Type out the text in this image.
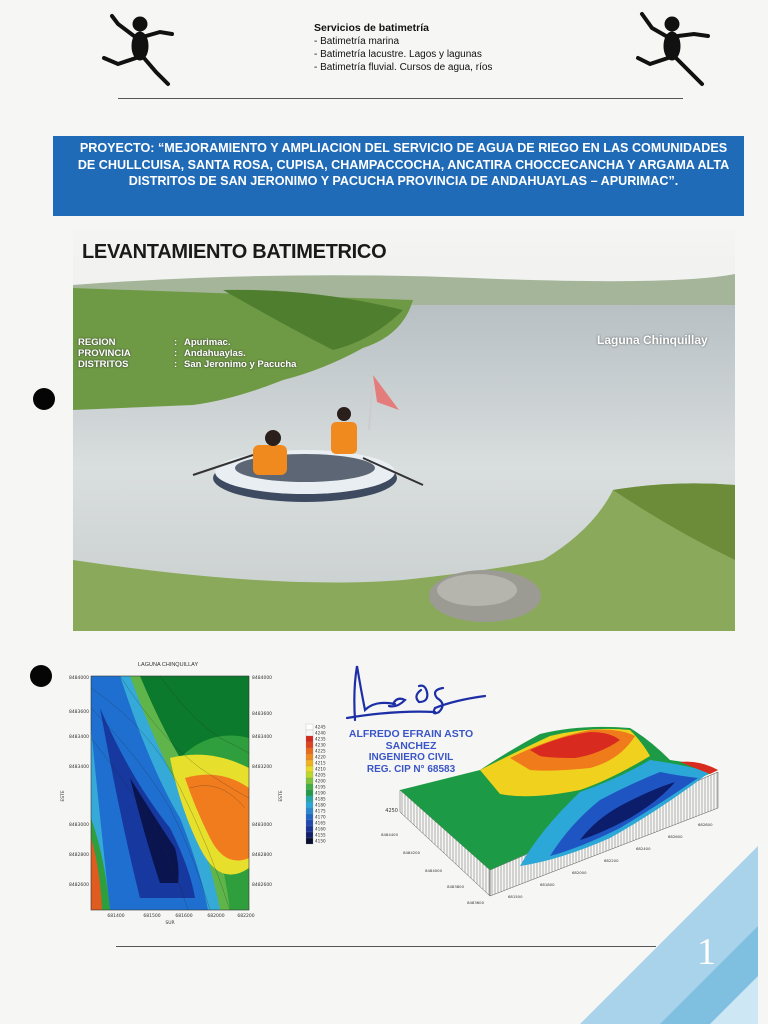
Servicios de batimetría
- Batimetría marina
- Batimetría lacustre. Lagos y lagunas
- Batimetría fluvial. Cursos de agua, ríos
PROYECTO: “MEJORAMIENTO Y AMPLIACION DEL SERVICIO DE AGUA DE RIEGO EN LAS COMUNIDADES DE CHULLCUISA, SANTA ROSA, CUPISA, CHAMPACCOCHA, ANCATIRA CHOCCECANCHA Y ARGAMA ALTA DISTRITOS DE SAN JERONIMO Y PACUCHA PROVINCIA DE ANDAHUAYLAS – APURIMAC”.
LEVANTAMIENTO BATIMETRICO
Laguna Chinquillay
REGION	: Apurimac.
PROVINCIA	: Andahuaylas.
DISTRITOS	: San Jeronimo y Pacucha
LAGUNA CHINQUILLAY
8484000
8483600
8483400
8483400
8483000
8482800
8482600
8484000
8483600
8483400
8483200
8483000
8482800
8482600
681400	681500	681600	682000	682200
SUR
ESTE	ESTE
4245
4240
4235
4230
4225
4220
4215
4210
4205
4200
4195
4190
4185
4180
4175
4170
4165
4160
4155
4150
ALFREDO EFRAIN ASTO SANCHEZ
INGENIERO CIVIL
REG. CIP N° 68583
4250
681500
681800
682000
682200
682400
682600
682800
8484400
8484200
8484000
8483800
8483600
1
